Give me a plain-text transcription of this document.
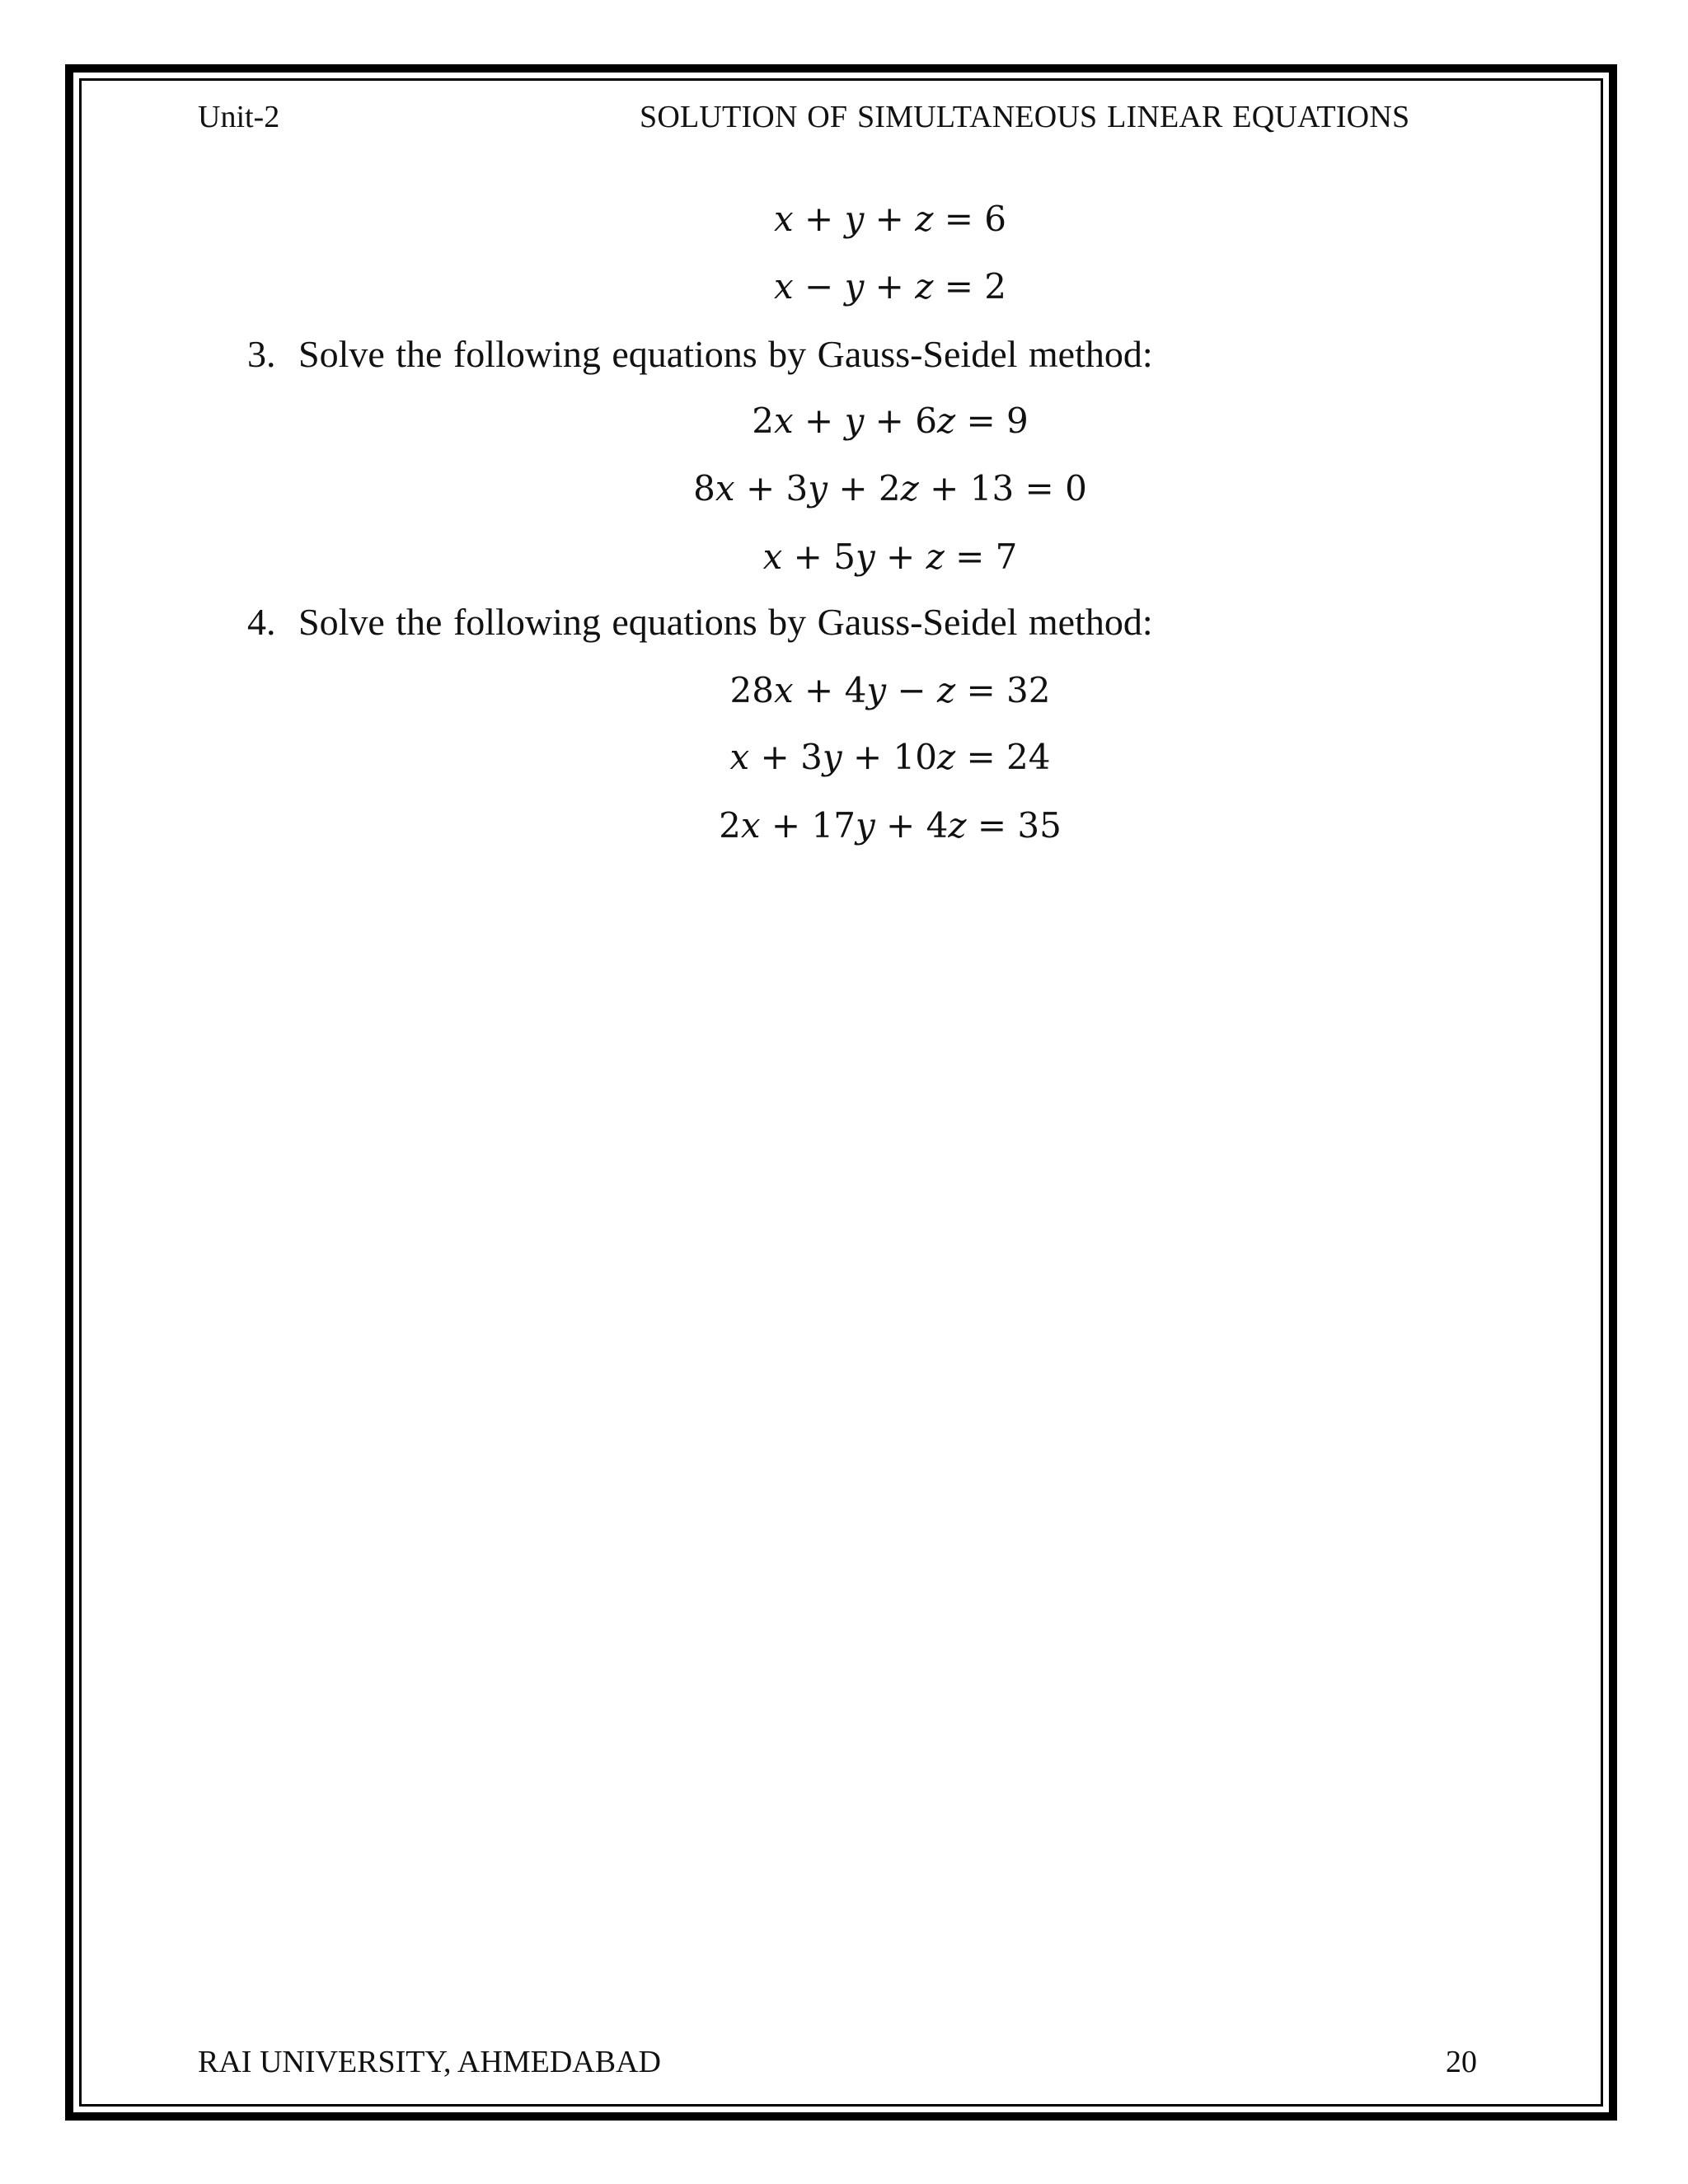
Unit-2	SOLUTION OF SIMULTANEOUS LINEAR EQUATIONS
x + y + z = 6
x − y + z = 2
3. Solve the following equations by Gauss-Seidel method:
2x + y + 6z = 9
8x + 3y + 2z + 13 = 0
x + 5y + z = 7
4. Solve the following equations by Gauss-Seidel method:
28x + 4y − z = 32
x + 3y + 10z = 24
2x + 17y + 4z = 35
RAI UNIVERSITY, AHMEDABAD	20
